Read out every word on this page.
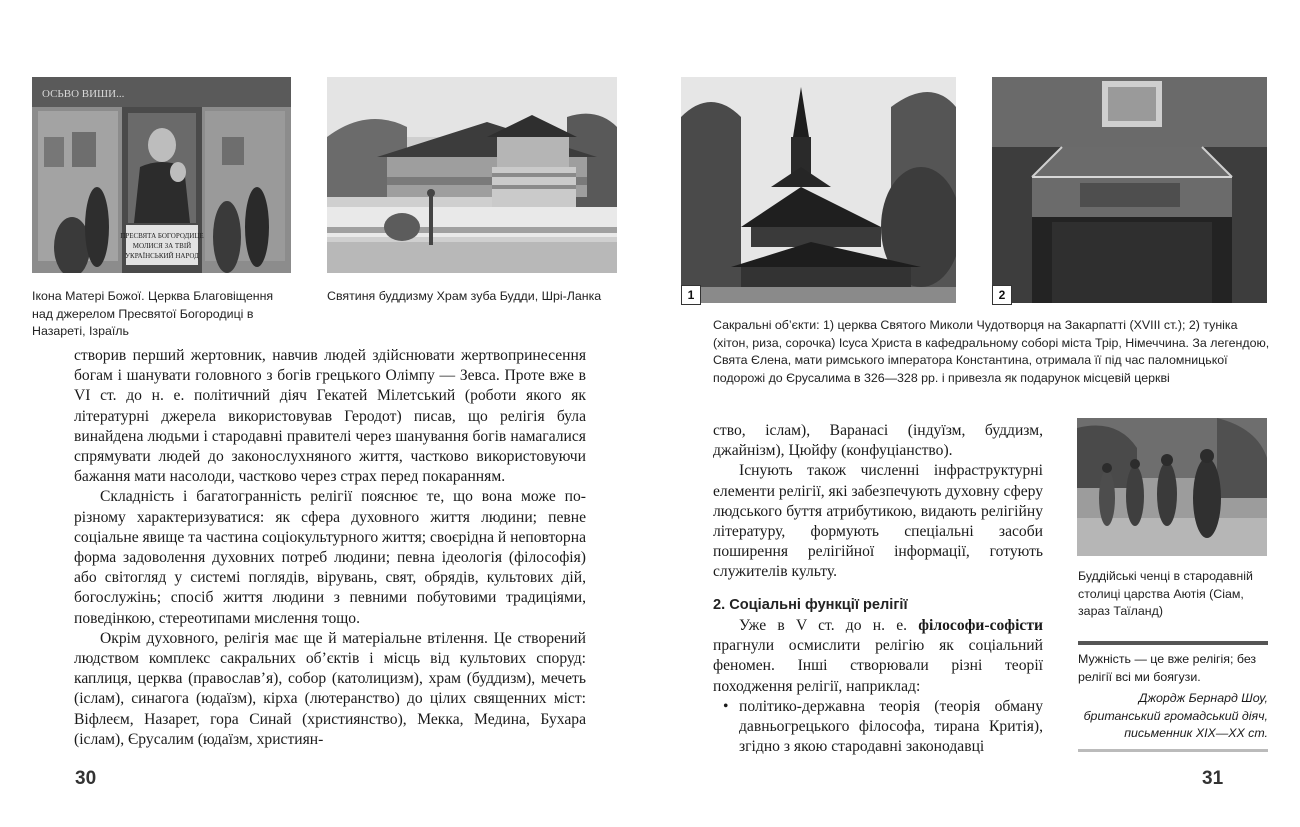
ОСЬВО ВИШИ...
ПРЕСВЯТА БОГОРОДИЦЕ
МОЛИСЯ ЗА ТВІЙ
УКРАЇНСЬКИЙ НАРОД
Ікона Матері Божої. Церква Благовіщення над джерелом Пресвятої Богородиці в Назареті, Ізраїль
Святиня буддизму Храм зуба Будди, Шрі-Ланка

створив перший жертовник, навчив людей здійснювати жертвопринесення богам і шанувати головного з богів грецького Олімпу — Зевса. Проте вже в VI ст. до н. е. політичний діяч Гекатей Мілетський (роботи якого як літературні джерела використовував Геродот) писав, що релігія була винайдена людьми і стародавні правителі через шанування богів намагалися спрямувати людей до законослухняного життя, частково використовуючи бажання мати насолоди, частково через страх перед покаранням.

Складність і багатогранність релігії пояснює те, що вона може по-різному характеризуватися: як сфера духовного життя людини; певне соціальне явище та частина соціокультурного життя; своєрідна й неповторна форма задоволення духовних потреб людини; певна ідеологія (філософія) або світогляд у системі поглядів, вірувань, свят, обрядів, культових дій, богослужінь; спосіб життя людини з певними побутовими традиціями, поведінкою, стереотипами мислення тощо.

Окрім духовного, релігія має ще й матеріальне втілення. Це створений людством комплекс сакральних об’єктів і місць від культових споруд: каплиця, церква (православ’я), собор (католицизм), храм (буддизм), мечеть (іслам), синагога (юдаїзм), кірха (лютеранство) до цілих священних міст: Віфлеєм, Назарет, гора Синай (християнство), Мекка, Медина, Бухара (іслам), Єрусалим (юдаїзм, християн-

30
1	2
Сакральні об’єкти: 1) церква Святого Миколи Чудотворця на Закарпатті (XVIII ст.); 2) туніка (хітон, риза, сорочка) Ісуса Христа в кафедральному соборі міста Трір, Німеччина. За легендою, Свята Єлена, мати римського імператора Константина, отримала її під час паломницької подорожі до Єрусалима в 326—328 рр. і привезла як подарунок місцевій церкві

ство, іслам), Варанасі (індуїзм, буддизм, джайнізм), Цюйфу (конфуціанство).

Існують також численні інфраструктурні елементи релігії, які забезпечують духовну сферу людського буття атрибутикою, видають релігійну літературу, формують спеціальні засоби поширення релігійної інформації, готують служителів культу.

2. Соціальні функції релігії

Уже в V ст. до н. е. філософи-софісти прагнули осмислити релігію як соціальний феномен. Інші створювали різні теорії походження релігії, наприклад:

• політико-державна теорія (теорія обману давньогрецького філософа, тирана Критія), згідно з якою стародавні законодавці
Буддійські ченці в стародавній столиці царства Аютія (Сіам, зараз Таїланд)
Мужність — це вже релігія; без релігії всі ми боягузи.
Джордж Бернард Шоу, британський громадський діяч, письменник XIX—XX ст.
31
